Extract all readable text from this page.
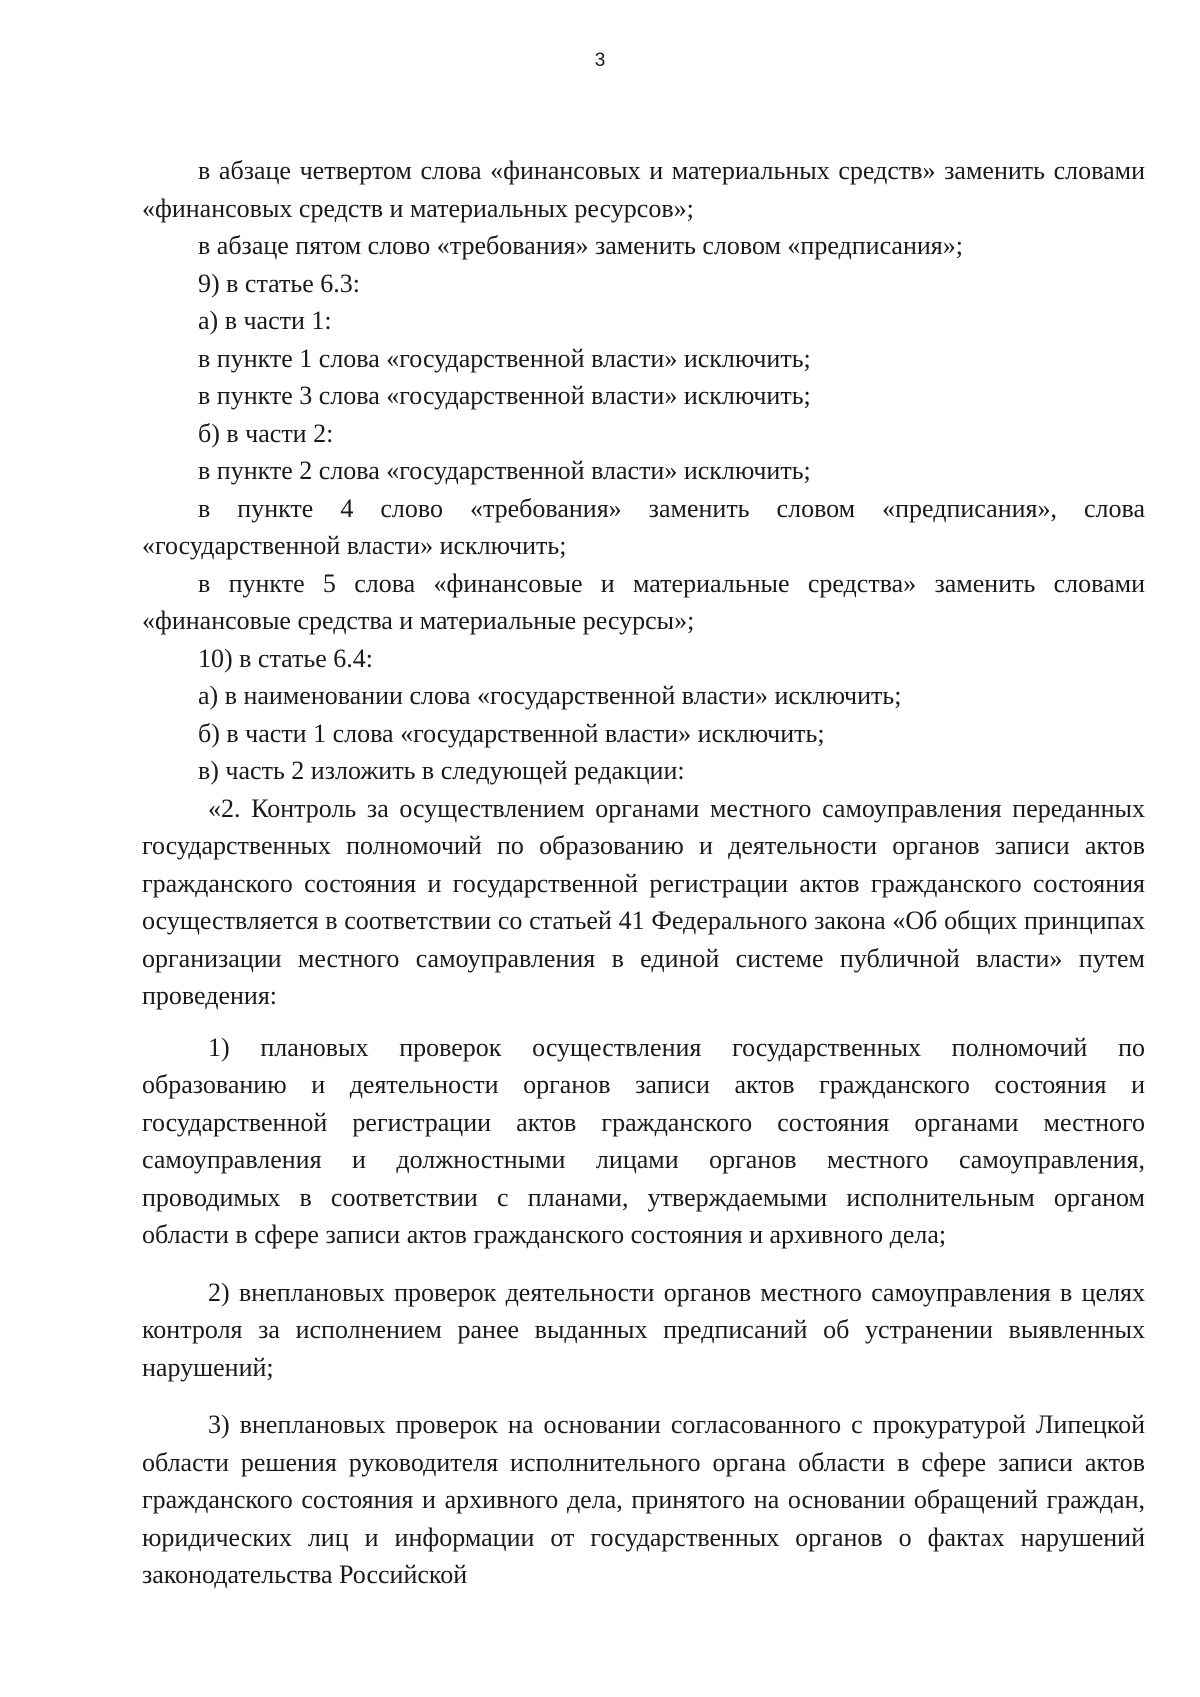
3

в абзаце четвертом слова «финансовых и материальных средств» заменить словами «финансовых средств и материальных ресурсов»;

в абзаце пятом слово «требования» заменить словом «предписания»;

9) в статье 6.3:

а) в части 1:

в пункте 1 слова «государственной власти» исключить;

в пункте 3 слова «государственной власти» исключить;

б) в части 2:

в пункте 2 слова «государственной власти» исключить;

в пункте 4 слово «требования» заменить словом «предписания», слова «государственной власти» исключить;

в пункте 5 слова «финансовые и материальные средства» заменить словами «финансовые средства и материальные ресурсы»;

10) в статье 6.4:

а) в наименовании слова «государственной власти» исключить;

б) в части 1 слова «государственной власти» исключить;

в) часть 2 изложить в следующей редакции:

«2. Контроль за осуществлением органами местного самоуправления переданных государственных полномочий по образованию и деятельности органов записи актов гражданского состояния и государственной регистрации актов гражданского состояния осуществляется в соответствии со статьей 41 Федерального закона «Об общих принципах организации местного самоуправления в единой системе публичной власти» путем проведения:

1) плановых проверок осуществления государственных полномочий по образованию и деятельности органов записи актов гражданского состояния и государственной регистрации актов гражданского состояния органами местного самоуправления и должностными лицами органов местного самоуправления, проводимых в соответствии с планами, утверждаемыми исполнительным органом области в сфере записи актов гражданского состояния и архивного дела;

2) внеплановых проверок деятельности органов местного самоуправления в целях контроля за исполнением ранее выданных предписаний об устранении выявленных нарушений;

3) внеплановых проверок на основании согласованного с прокуратурой Липецкой области решения руководителя исполнительного органа области в сфере записи актов гражданского состояния и архивного дела, принятого на основании обращений граждан, юридических лиц и информации от государственных органов о фактах нарушений законодательства Российской
